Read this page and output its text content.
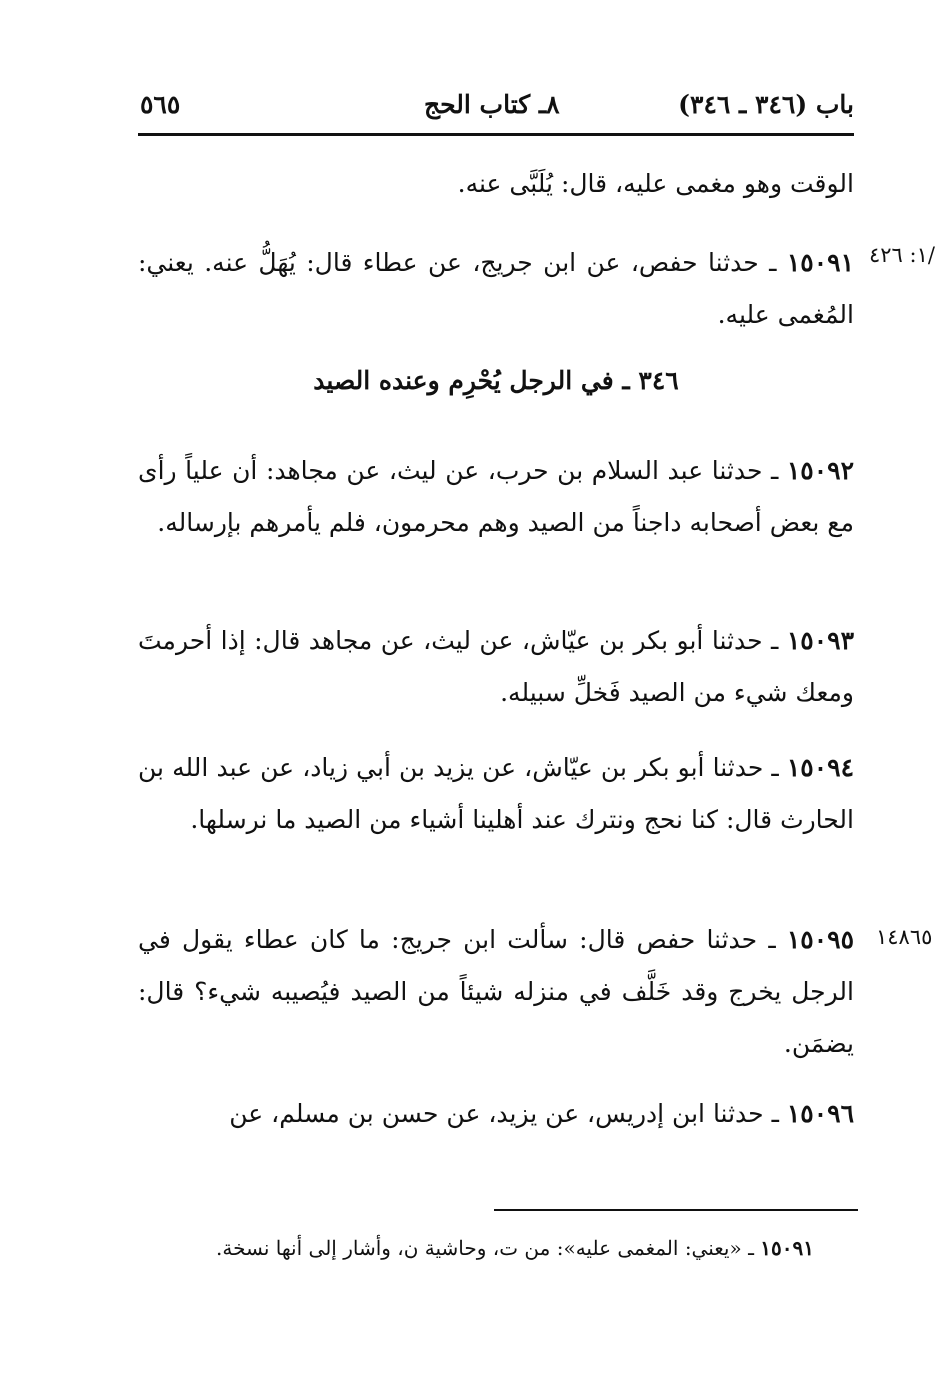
باب (٣٤٦ ـ ٣٤٦)
٨ـ كتاب الحج
٥٦٥
الوقت وهو مغمى عليه، قال: يُلَبَّى عنه.
/١: ٤٢٦
١٥٠٩١ ـ حدثنا حفص، عن ابن جريج، عن عطاء قال: يُهَلُّ عنه. يعني: المُغمى عليه.
٣٤٦ ـ في الرجل يُحْرِم وعنده الصيد
١٥٠٩٢ ـ حدثنا عبد السلام بن حرب، عن ليث، عن مجاهد: أن علياً رأى مع بعض أصحابه داجناً من الصيد وهم محرمون، فلم يأمرهم بإرساله.
١٥٠٩٣ ـ حدثنا أبو بكر بن عيّاش، عن ليث، عن مجاهد قال: إذا أحرمتَ ومعك شيء من الصيد فَخلِّ سبيله.
١٥٠٩٤ ـ حدثنا أبو بكر بن عيّاش، عن يزيد بن أبي زياد، عن عبد الله بن الحارث قال: كنا نحج ونترك عند أهلينا أشياء من الصيد ما نرسلها.
١٤٨٦٥
١٥٠٩٥ ـ حدثنا حفص قال: سألت ابن جريج: ما كان عطاء يقول في الرجل يخرج وقد خَلَّف في منزله شيئاً من الصيد فيُصيبه شيء؟ قال: يضمَن.
١٥٠٩٦ ـ حدثنا ابن إدريس، عن يزيد، عن حسن بن مسلم، عن
١٥٠٩١ ـ «يعني: المغمى عليه»: من ت، وحاشية ن، وأشار إلى أنها نسخة.
